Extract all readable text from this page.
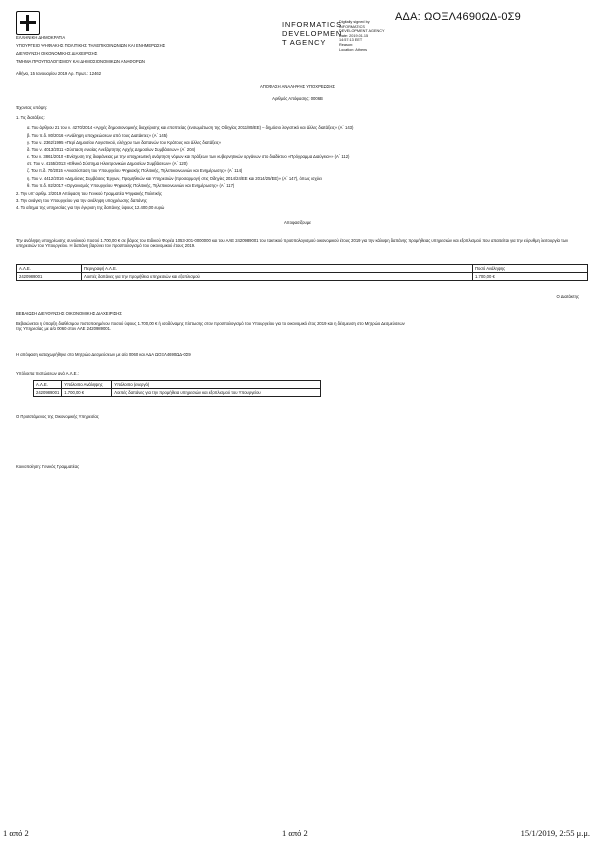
ΑΔΑ: ΩΟΞΛ4690ΩΔ-0Σ9
ΕΛΛΗΝΙΚΗ ΔΗΜΟΚΡΑΤΙΑ
ΥΠΟΥΡΓΕΙΟ ΨΗΦΙΑΚΗΣ ΠΟΛΙΤΙΚΗΣ ΤΗΛΕΠΙΚΟΙΝΩΝΙΩΝ ΚΑΙ ΕΝΗΜΕΡΩΣΗΣ
ΔΙΕΥΘΥΝΣΗ ΟΙΚΟΝΟΜΙΚΗΣ ΔΙΑΧΕΙΡΙΣΗΣ
ΤΜΗΜΑ ΠΡΟΥΠΟΛΟΓΙΣΜΟΥ ΚΑΙ ΔΗΜΟΣΙΟΝΟΜΙΚΩΝ ΑΝΑΦΟΡΩΝ
Αθήνα, 15 Ιανουαρίου 2019 Αρ. Πρωτ.: 12462
INFORMATICS
DEVELOPMEN
T AGENCY
Digitally signed by
INFORMATICS
DEVELOPMENT AGENCY
Date: 2019.01.15
14:57:13 EET
Reason:
Location: Athens
ΑΠΟΦΑΣΗ ΑΝΑΛΗΨΗΣ ΥΠΟΧΡΕΩΣΗΣ
Αριθμός Απόφασης: 0006Β
Έχοντας υπόψη:
1. Τις διατάξεις:
α. Του άρθρου 21 του ν. 4270/2014 «Αρχές δημοσιονομικής διαχείρισης και εποπτείας (ενσωμάτωση της Οδηγίας 2011/85/ΕΕ) – δημόσιο λογιστικό και άλλες διατάξεις» (Α΄ 143)
β. Του π.δ. 80/2016 «Ανάληψη υποχρεώσεων από τους Διατάκτες» (Α΄ 145)
γ. Του ν. 2362/1995 «Περί Δημοσίου Λογιστικού, ελέγχου των δαπανών του Κράτους και άλλες διατάξεις»
δ. Του ν. 4013/2011 «Σύσταση ενιαίας Ανεξάρτητης Αρχής Δημοσίων Συμβάσεων» (Α΄ 204)
ε. Του ν. 3861/2010 «Ενίσχυση της διαφάνειας με την υποχρεωτική ανάρτηση νόμων και πράξεων των κυβερνητικών οργάνων στο διαδίκτυο «Πρόγραμμα Διαύγεια»» (Α΄ 112)
στ. Του ν. 4155/2013 «Εθνικό Σύστημα Ηλεκτρονικών Δημοσίων Συμβάσεων» (Α΄ 120)
ζ. Του π.δ. 70/2015 «Ανασύσταση του Υπουργείου Ψηφιακής Πολιτικής, Τηλεπικοινωνιών και Ενημέρωσης» (Α΄ 114)
η. Του ν. 4412/2016 «Δημόσιες Συμβάσεις Έργων, Προμηθειών και Υπηρεσιών (προσαρμογή στις Οδηγίες 2014/24/ΕΕ και 2014/25/ΕΕ)» (Α΄ 147), όπως ισχύει
θ. Του π.δ. 82/2017 «Οργανισμός Υπουργείου Ψηφιακής Πολιτικής, Τηλεπικοινωνιών και Ενημέρωσης» (Α΄ 117)
2. Την υπ' αριθμ. 2/2019 Απόφαση του Γενικού Γραμματέα Ψηφιακής Πολιτικής
3. Την ανάγκη του Υπουργείου για την ανάληψη υποχρέωσης δαπάνης
4. Το αίτημα της υπηρεσίας για την έγκριση της δαπάνης ύψους 12.400,00 ευρώ
Αποφασίζουμε
Την ανάληψη υποχρέωσης συνολικού ποσού 1.700,00 € σε βάρος του Ειδικού Φορέα 1053-201-0000000 και του ΑΛΕ 2420989001 του τακτικού προϋπολογισμού οικονομικού έτους 2019 για την κάλυψη δαπάνης προμήθειας υπηρεσιών και εξοπλισμού που απαιτείται για την εύρυθμη λειτουργία των υπηρεσιών του Υπουργείου. Η δαπάνη βαρύνει τον προϋπολογισμό του οικονομικού έτους 2019.
Α.Λ.Ε.	Περιγραφή Α.Λ.Ε.	Ποσό Ανάληψης
2420989001	Λοιπές δαπάνες για την προμήθεια υπηρεσιών και εξοπλισμού	1.700,00 €
Ο Διατάκτης
ΒΕΒΑΙΩΣΗ ΔΙΕΥΘΥΝΣΗΣ ΟΙΚΟΝΟΜΙΚΗΣ ΔΙΑΧΕΙΡΙΣΗΣ
Βεβαιώνεται η ύπαρξη διαθέσιμου πιστοποιημένου ποσού ύψους 1.700,00 € ή ισοδύναμης πίστωσης στον προϋπολογισμό του Υπουργείου για το οικονομικό έτος 2019 και η δέσμευση στο Μητρώο Δεσμεύσεων της Υπηρεσίας με α/α 0060 στον ΑΛΕ 2420989001.
Η απόφαση καταχωρήθηκε στο Μητρώο Δεσμεύσεων με α/α 0060 και ΑΔΑ ΩΟΞΛ4690ΩΔ-0Σ9
Υπόλοιπα πιστώσεων ανά Α.Λ.Ε.:
Α.Λ.Ε.	Υπόλοιπο Ανάληψης	Υπόλοιπο (ενεργό)
2420989001	1.700,00 €	Λοιπές δαπάνες για την προμήθεια υπηρεσιών και εξοπλισμού του Υπουργείου
Ο Προϊστάμενος της Οικονομικής Υπηρεσίας
Κοινοποίηση: Γενικός Γραμματέας
1 από 2	1 από 2	15/1/2019, 2:55 μ.μ.
